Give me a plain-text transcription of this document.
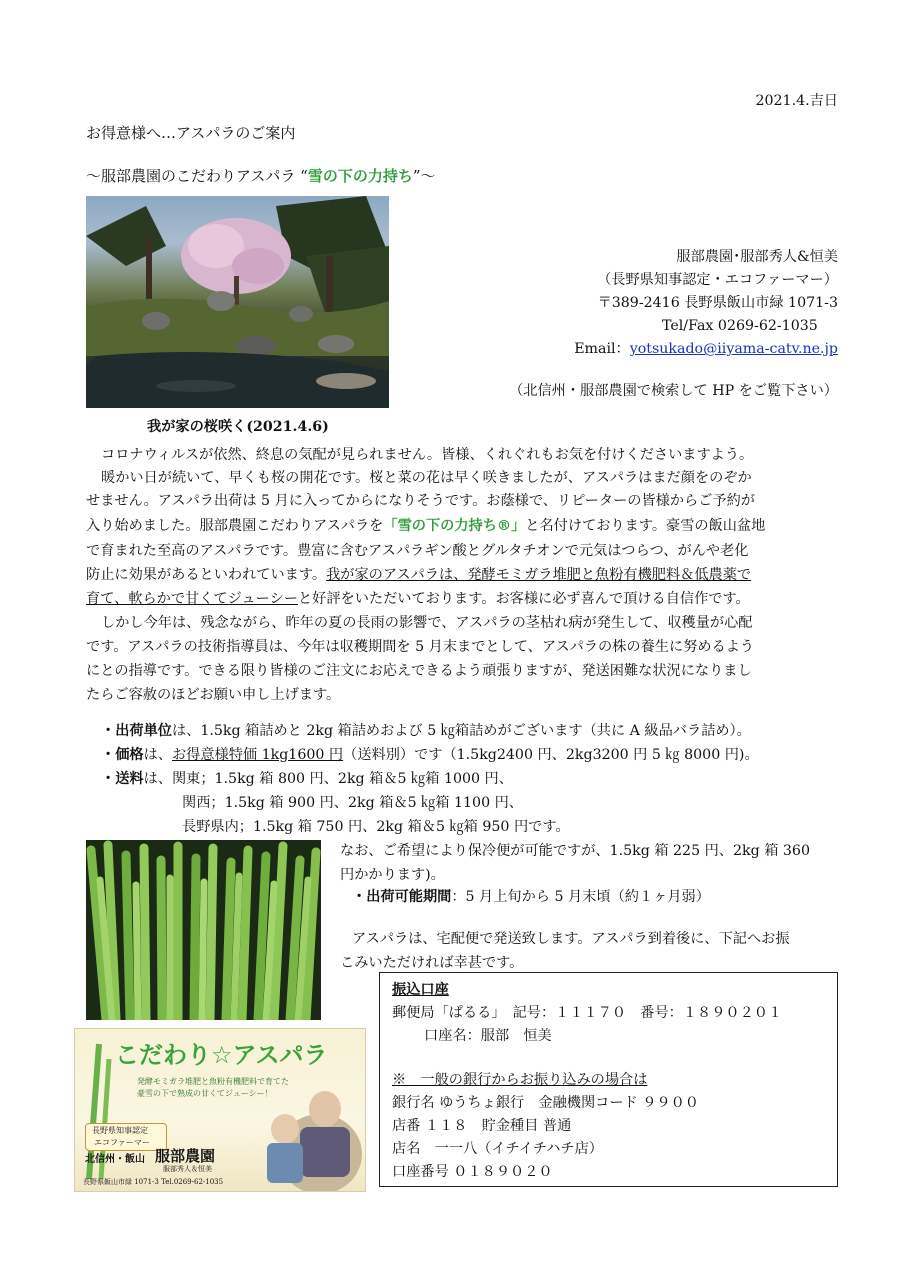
2021.4.吉日
お得意様へ…アスパラのご案内
～服部農園のこだわりアスパラ “雪の下の力持ち”～
我が家の桜咲く(2021.4.6)
服部農園･服部秀人&恒美
（長野県知事認定・エコファーマー）
〒389-2416 長野県飯山市緑 1071-3
Tel/Fax 0269-62-1035
Email：yotsukado@iiyama-catv.ne.jp
（北信州・服部農園で検索して HP をご覧下さい）
コロナウィルスが依然、終息の気配が見られません。皆様、くれぐれもお気を付けくださいますよう。
暖かい日が続いて、早くも桜の開花です。桜と菜の花は早く咲きましたが、アスパラはまだ顔をのぞか
せません。アスパラ出荷は 5 月に入ってからになりそうです。お蔭様で、リピーターの皆様からご予約が
入り始めました。服部農園こだわりアスパラを「雪の下の力持ち®」と名付けております。豪雪の飯山盆地
で育まれた至高のアスパラです。豊富に含むアスパラギン酸とグルタチオンで元気はつらつ、がんや老化
防止に効果があるといわれています。我が家のアスパラは、発酵モミガラ堆肥と魚粉有機肥料＆低農薬で
育て、軟らかで甘くてジューシーと好評をいただいております。お客様に必ず喜んで頂ける自信作です。
しかし今年は、残念ながら、昨年の夏の長雨の影響で、アスパラの茎枯れ病が発生して、収穫量が心配
です。アスパラの技術指導員は、今年は収穫期間を 5 月末までとして、アスパラの株の養生に努めるよう
にとの指導です。できる限り皆様のご注文にお応えできるよう頑張りますが、発送困難な状況になりまし
たらご容赦のほどお願い申し上げます。
・出荷単位は、1.5kg 箱詰めと 2kg 箱詰めおよび 5 ㎏箱詰めがございます（共に A 級品バラ詰め）。
・価格は、お得意様特価 1kg1600 円（送料別）です（1.5kg2400 円、2kg3200 円 5 ㎏ 8000 円)。
・送料は、関東；1.5kg 箱 800 円、2kg 箱＆5 ㎏箱 1000 円、
関西；1.5kg 箱 900 円、2kg 箱＆5 ㎏箱 1100 円、
長野県内；1.5kg 箱 750 円、2kg 箱＆5 ㎏箱 950 円です。
なお、ご希望により保冷便が可能ですが、1.5kg 箱 225 円、2kg 箱 360
円かかります)。
・出荷可能期間：5 月上旬から 5 月末頃（約１ヶ月弱）
アスパラは、宅配便で発送致します。アスパラ到着後に、下記へお振
こみいただければ幸甚です。
こだわり☆アスパラ
発酵モミガラ堆肥と魚粉有機肥料で育てた
豪雪の下で熟成の甘くてジューシー！
長野県知事認定
エコファーマー
北信州・飯山 服部農園
服部秀人＆恒美
長野県飯山市緑 1071-3 Tel.0269-62-1035
振込口座
郵便局「ぱるる」　記号：１１１７０　番号：１８９０２０１
口座名：服部　恒美
※　一般の銀行からお振り込みの場合は
銀行名 ゆうちょ銀行　金融機関コード ９９００
店番 １１８　貯金種目 普通
店名　一一八（イチイチハチ店）
口座番号 ０１８９０２０
